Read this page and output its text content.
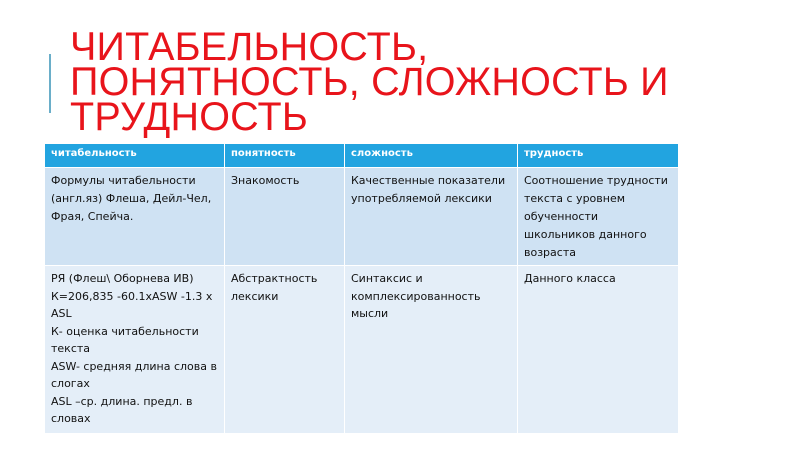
ЧИТАБЕЛЬНОСТЬ,
ПОНЯТНОСТЬ, СЛОЖНОСТЬ И
ТРУДНОСТЬ
читабельность	понятность	сложность	трудность
Формулы читабельности (англ.яз) Флеша, Дейл-Чел, Фрая, Спейча.	Знакомость	Качественные показатели употребляемой лексики	Соотношение трудности текста с уровнем обученности школьников данного возраста

РЯ (Флеш\ Оборнева ИВ)
К=206,835 -60.1хASW -1.3 х ASL
К- оценка читабельности текста
ASW- средняя длина слова в слогах
ASL –ср. длина. предл. в словах	Абстрактность лексики	Синтаксис и комплексированность мысли	Данного класса
